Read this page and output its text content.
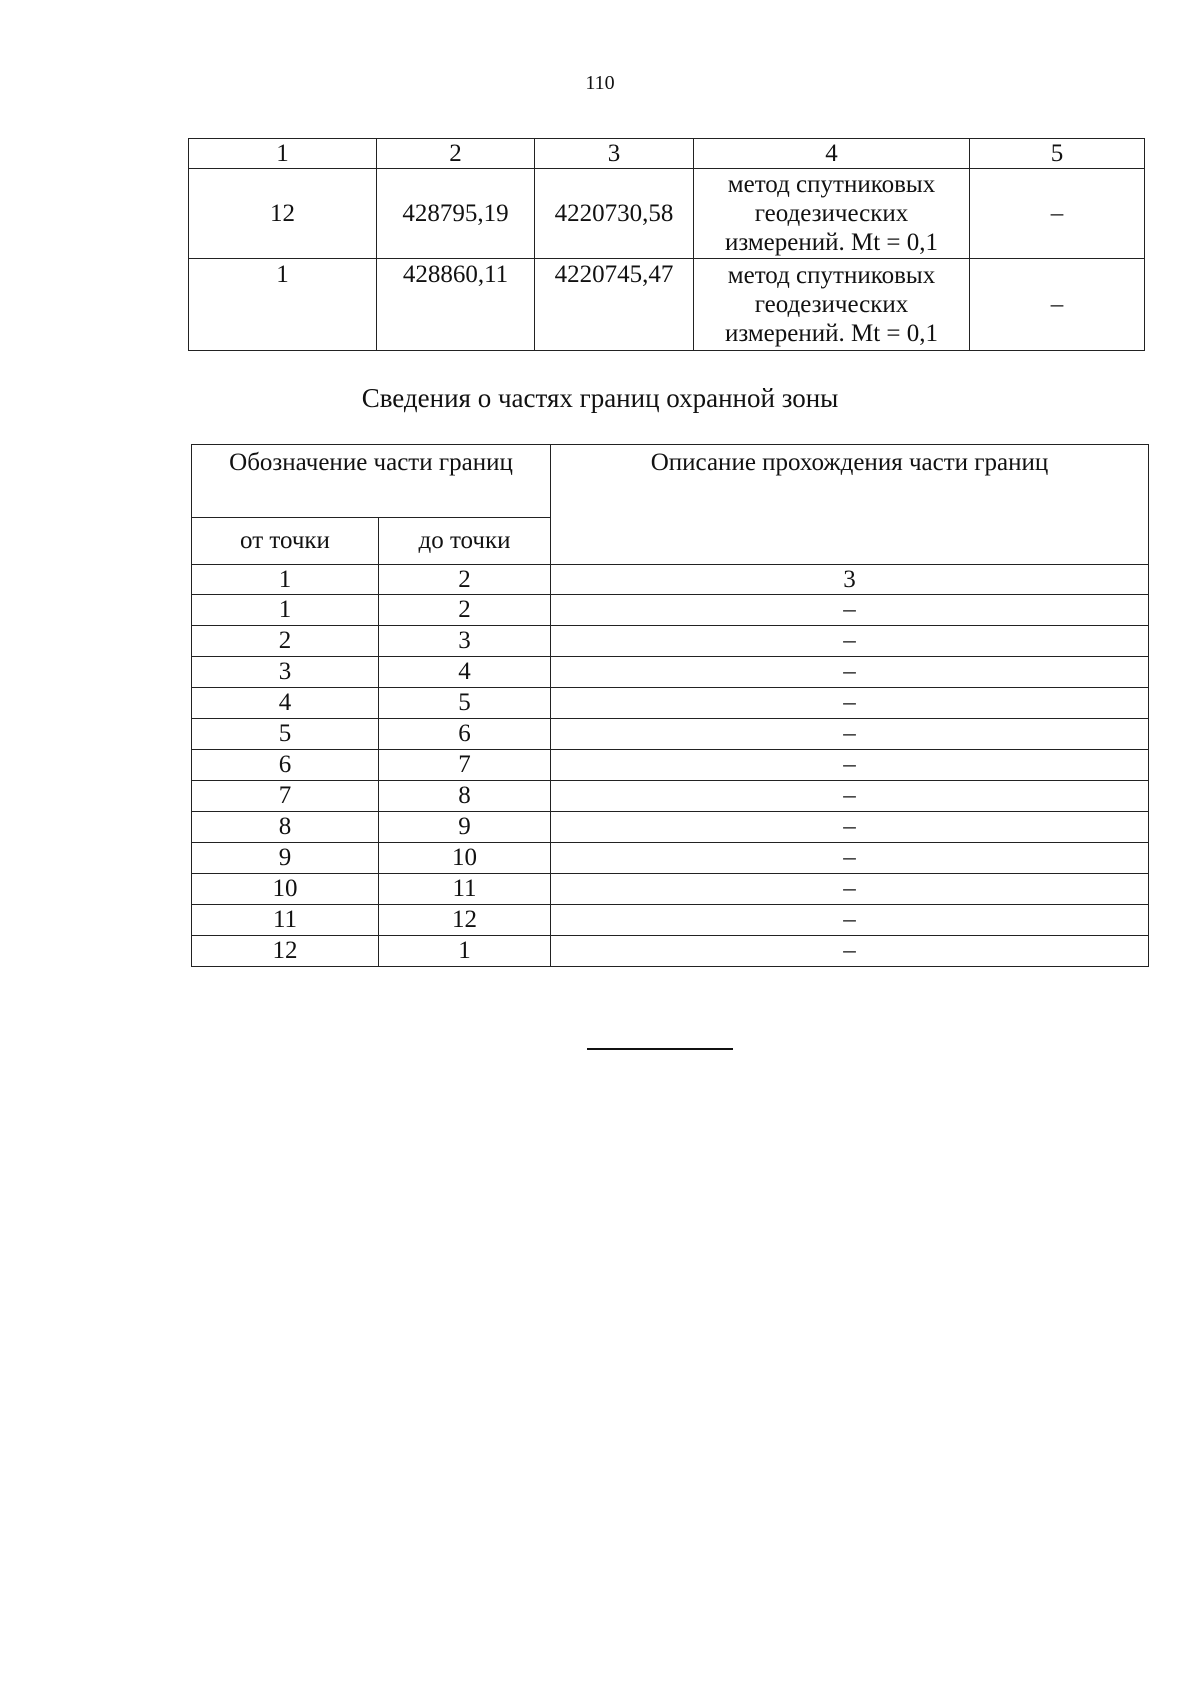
110
1	2	3	4	5
12	428795,19	4220730,58	метод спутниковых
геодезических
измерений. Mt = 0,1	–
1	428860,11	4220745,47	метод спутниковых
геодезических
измерений. Mt = 0,1	–
Сведения о частях границ охранной зоны
Обозначение части границ		Описание прохождения части границ
от точки	до точки	
1	2	3
1	2	–
2	3	–
3	4	–
4	5	–
5	6	–
6	7	–
7	8	–
8	9	–
9	10	–
10	11	–
11	12	–
12	1	–
